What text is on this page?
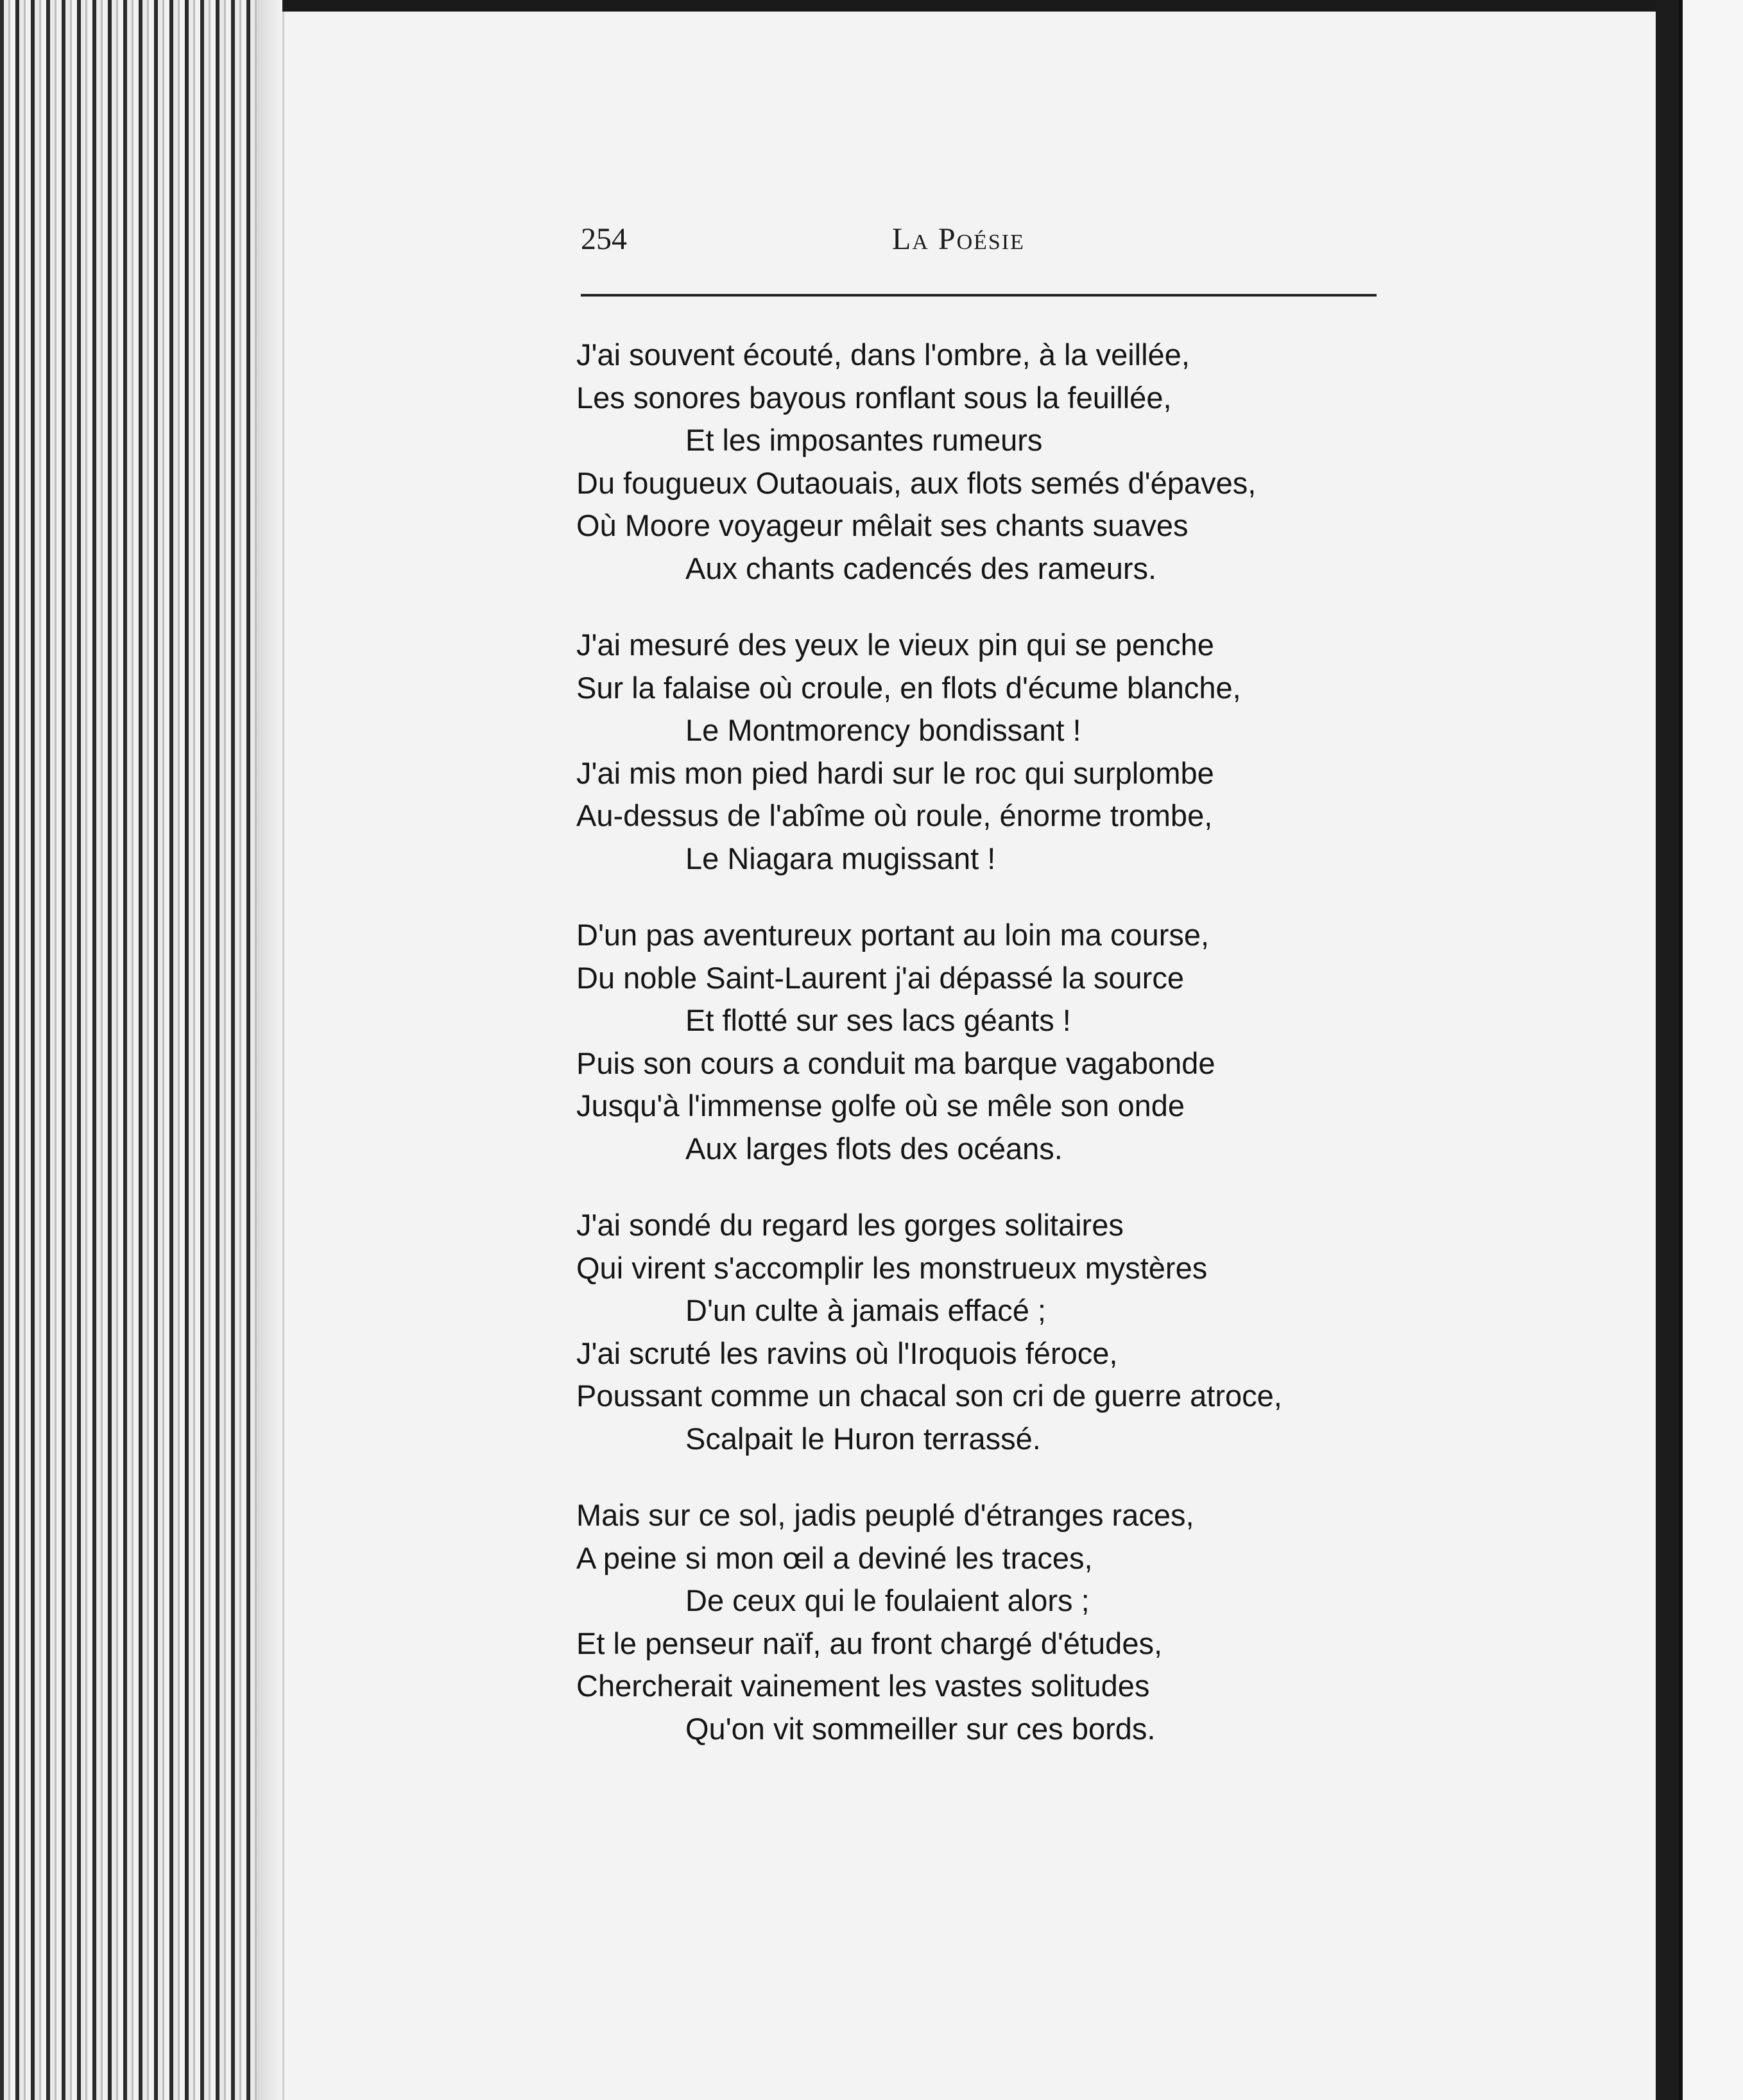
254	La Poésie
J'ai souvent écouté, dans l'ombre, à la veillée,
Les sonores bayous ronflant sous la feuillée,
Et les imposantes rumeurs
Du fougueux Outaouais, aux flots semés d'épaves,
Où Moore voyageur mêlait ses chants suaves
Aux chants cadencés des rameurs.
J'ai mesuré des yeux le vieux pin qui se penche
Sur la falaise où croule, en flots d'écume blanche,
Le Montmorency bondissant !
J'ai mis mon pied hardi sur le roc qui surplombe
Au-dessus de l'abîme où roule, énorme trombe,
Le Niagara mugissant !
D'un pas aventureux portant au loin ma course,
Du noble Saint-Laurent j'ai dépassé la source
Et flotté sur ses lacs géants !
Puis son cours a conduit ma barque vagabonde
Jusqu'à l'immense golfe où se mêle son onde
Aux larges flots des océans.
J'ai sondé du regard les gorges solitaires
Qui virent s'accomplir les monstrueux mystères
D'un culte à jamais effacé ;
J'ai scruté les ravins où l'Iroquois féroce,
Poussant comme un chacal son cri de guerre atroce,
Scalpait le Huron terrassé.
Mais sur ce sol, jadis peuplé d'étranges races,
A peine si mon œil a deviné les traces,
De ceux qui le foulaient alors ;
Et le penseur naïf, au front chargé d'études,
Chercherait vainement les vastes solitudes
Qu'on vit sommeiller sur ces bords.
